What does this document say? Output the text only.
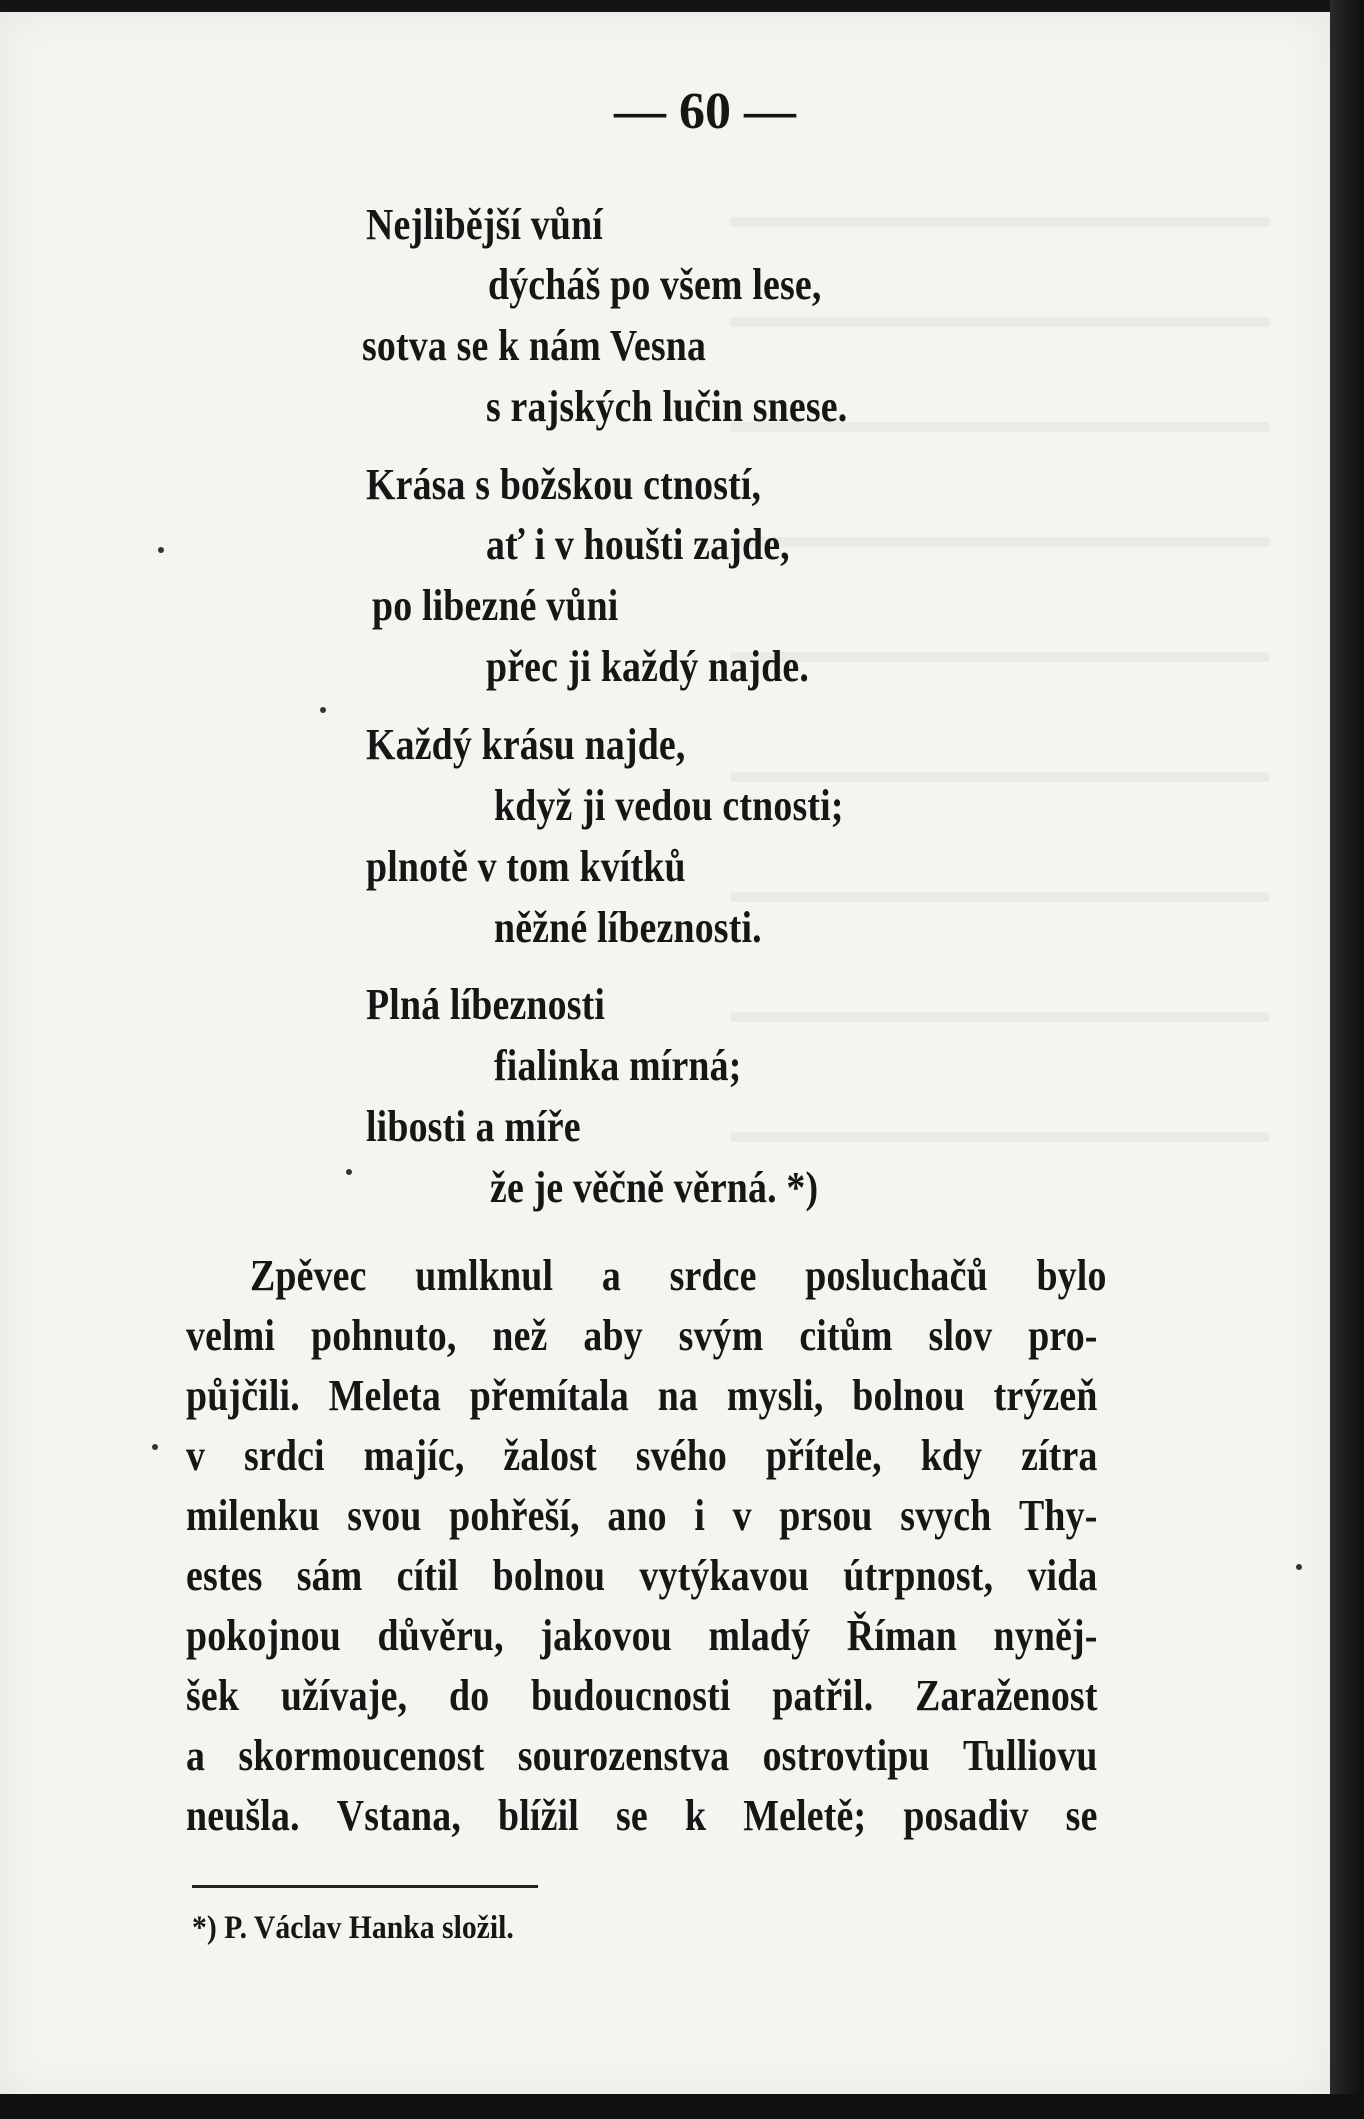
— 60 —
Nejlibější vůní
dýcháš po všem lese,
sotva se k nám Vesna
s rajských lučin snese.
Krása s božskou ctností,
ať i v houšti zajde,
po libezné vůni
přec ji každý najde.
Každý krásu najde,
když ji vedou ctnosti;
plnotě v tom kvítků
něžné líbeznosti.
Plná líbeznosti
fialinka mírná;
libosti a míře
že je věčně věrná. *)
Zpěvec umlknul a srdce posluchačů bylo
velmi pohnuto, než aby svým citům slov pro-
půjčili. Meleta přemítala na mysli, bolnou trýzeň
v srdci majíc, žalost svého přítele, kdy zítra
milenku svou pohřeší, ano i v prsou svych Thy-
estes sám cítil bolnou vytýkavou útrpnost, vida
pokojnou důvěru, jakovou mladý Říman nyněj-
šek užívaje, do budoucnosti patřil. Zaraženost
a skormoucenost sourozenstva ostrovtipu Tulliovu
neušla. Vstana, blížil se k Meletě; posadiv se
*) P. Václav Hanka složil.
